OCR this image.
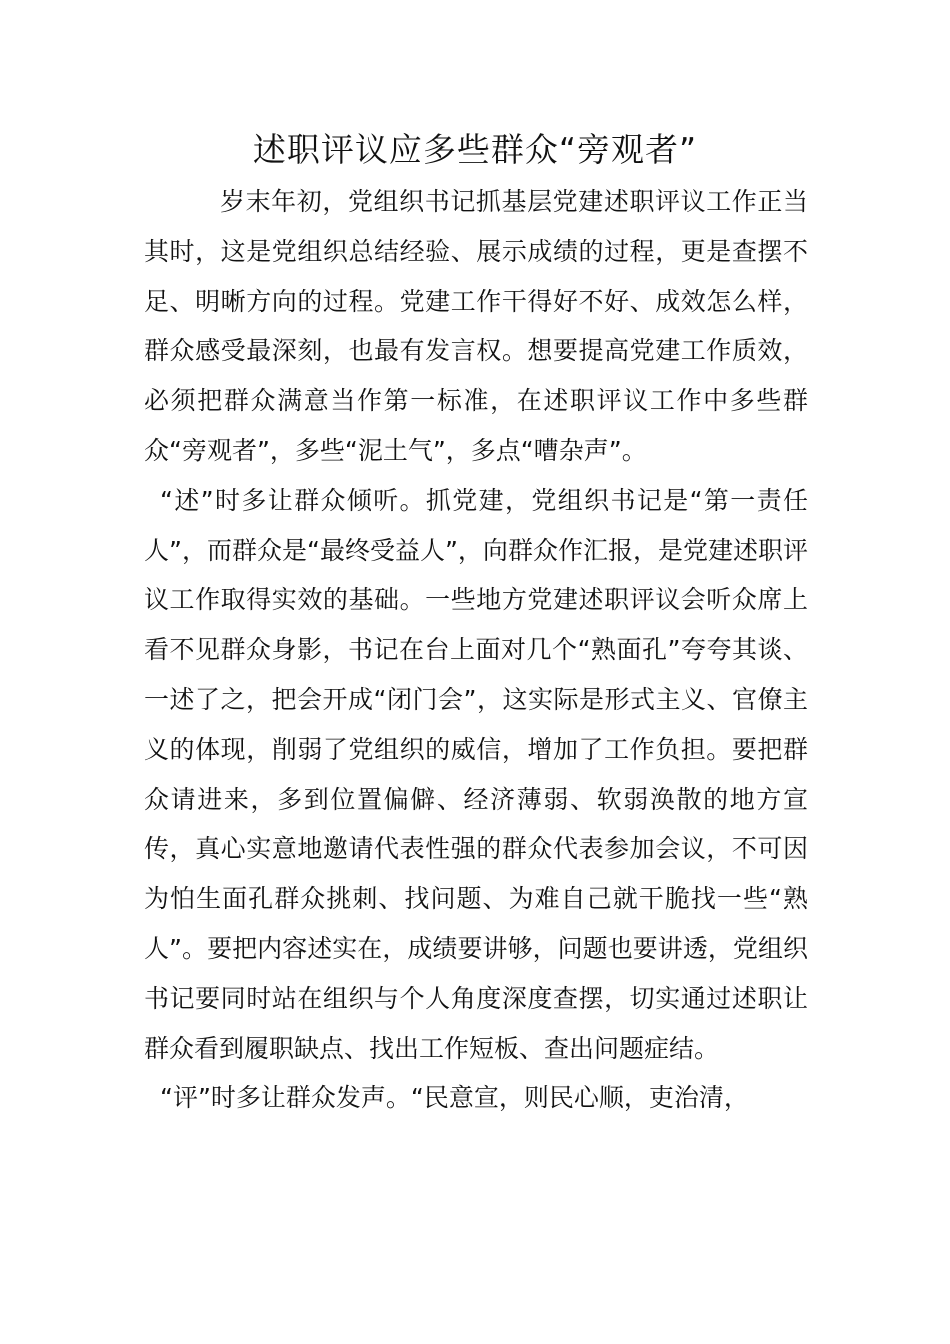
述职评议应多些群众“旁观者”

岁末年初，党组织书记抓基层党建述职评议工作正当其时，这是党组织总结经验、展示成绩的过程，更是查摆不足、明晰方向的过程。党建工作干得好不好、成效怎么样，群众感受最深刻，也最有发言权。想要提高党建工作质效，必须把群众满意当作第一标准，在述职评议工作中多些群众“旁观者”，多些“泥土气”，多点“嘈杂声”。

“述”时多让群众倾听。抓党建，党组织书记是“第一责任人”，而群众是“最终受益人”，向群众作汇报，是党建述职评议工作取得实效的基础。一些地方党建述职评议会听众席上看不见群众身影，书记在台上面对几个“熟面孔”夸夸其谈、一述了之，把会开成“闭门会”，这实际是形式主义、官僚主义的体现，削弱了党组织的威信，增加了工作负担。要把群众请进来，多到位置偏僻、经济薄弱、软弱涣散的地方宣传，真心实意地邀请代表性强的群众代表参加会议，不可因为怕生面孔群众挑刺、找问题、为难自己就干脆找一些“熟人”。要把内容述实在，成绩要讲够，问题也要讲透，党组织书记要同时站在组织与个人角度深度查摆，切实通过述职让群众看到履职缺点、找出工作短板、查出问题症结。

“评”时多让群众发声。“民意宣，则民心顺，吏治清，
